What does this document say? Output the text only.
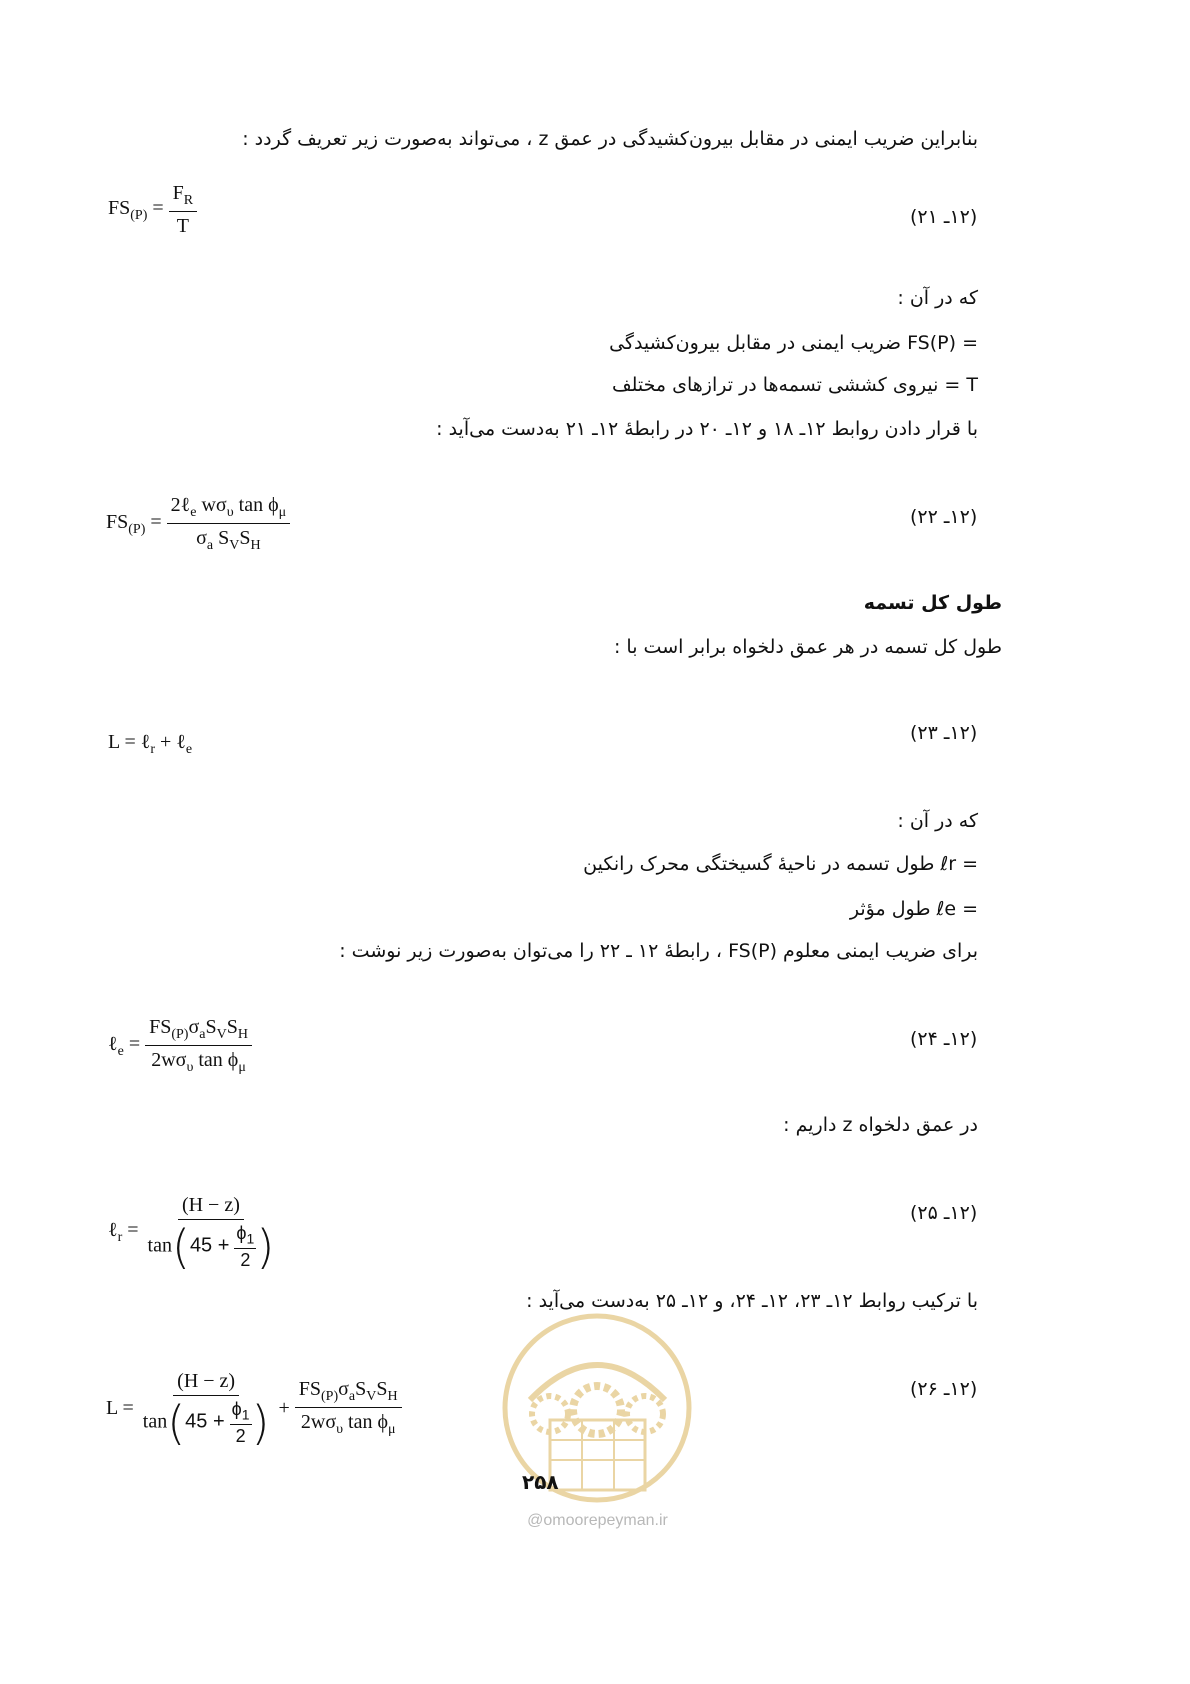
بنابراین ضریب ایمنی در مقابل بیرون‌کشیدگی در عمق z ، می‌تواند به‌صورت زیر تعریف گردد :
$FS_{(P)} = \frac{F_R}{T}$	(۱۲ـ ۲۱)
که در آن :
= FS(P) ضریب ایمنی در مقابل بیرون‌کشیدگی
T = نیروی کششی تسمه‌ها در ترازهای مختلف
با قرار دادن روابط ۱۲ـ ۱۸ و ۱۲ـ ۲۰ در رابطهٔ ۱۲ـ ۲۱ به‌دست می‌آید :
$FS_{(P)} = \frac{2\ell_e w\sigma_\upsilon \tan \phi_\mu}{\sigma_a S_VS_H}$	(۱۲ـ ۲۲)
طول کل تسمه
طول کل تسمه در هر عمق دلخواه برابر است با :
L = ℓ$_r$ + ℓ$_e$
(۱۲ـ ۲۳)
که در آن :
= ℓr طول تسمه در ناحیهٔ گسیختگی محرک رانکین
= ℓe طول مؤثر
برای ضریب ایمنی معلوم FS(P) ، رابطهٔ ۱۲ ـ ۲۲ را می‌توان به‌صورت زیر نوشت :
ℓ$_e$ = $\frac{FS_{(P)}\sigma_aS_VS_H}{2w\sigma_\upsilon \tan \phi_\mu}$	(۱۲ـ ۲۴)
در عمق دلخواه z داریم :
ℓ$_r$ = $\frac{(H - z)}{\tan(45 + \frac{\phi_1}{2} )}$	(۱۲ـ ۲۵)
با ترکیب روابط ۱۲ـ ۲۳، ۱۲ـ ۲۴، و ۱۲ـ ۲۵ به‌دست می‌آید :
$L = \frac{(H - z)}{\tan(45 + \frac{\phi_1}{2} )} + \frac{FS_{(P)}\sigma_aS_VS_H}{2w\sigma_\upsilon \tan \phi_\mu}$	(۱۲ـ ۲۶)
@omoorepeyman.ir
۲۵۸
